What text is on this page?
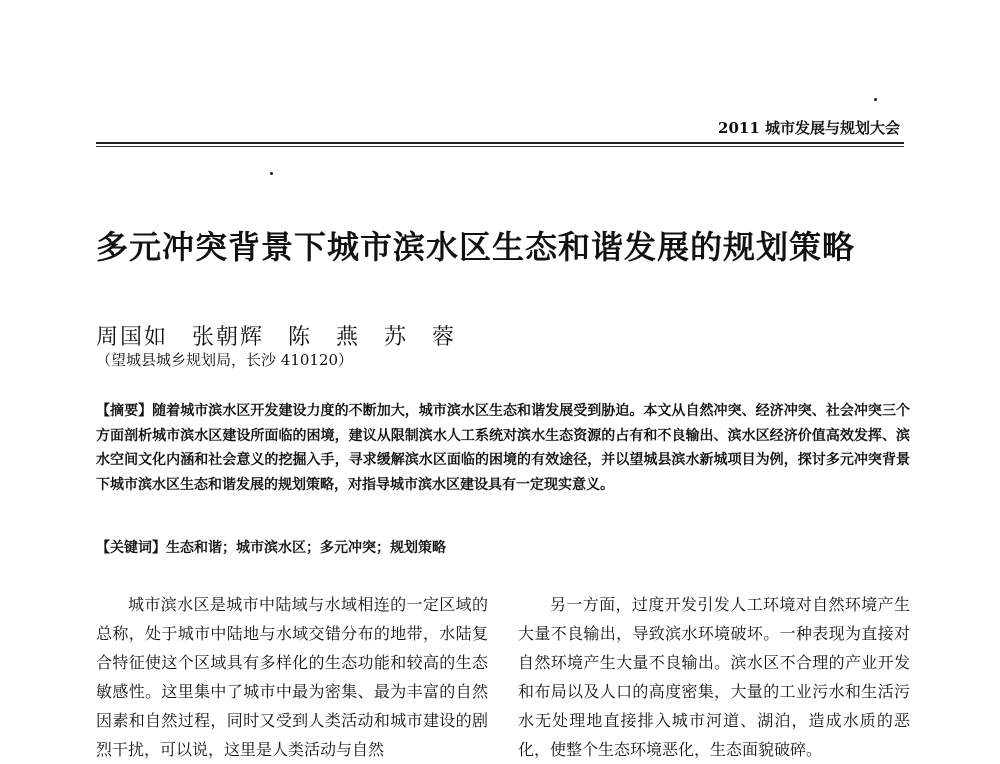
2011 城市发展与规划大会
多元冲突背景下城市滨水区生态和谐发展的规划策略
周国如　张朝辉　陈　燕　苏　蓉
（望城县城乡规划局，长沙 410120）
【摘要】随着城市滨水区开发建设力度的不断加大，城市滨水区生态和谐发展受到胁迫。本文从自然冲突、经济冲突、社会冲突三个方面剖析城市滨水区建设所面临的困境，建议从限制滨水人工系统对滨水生态资源的占有和不良输出、滨水区经济价值高效发挥、滨水空间文化内涵和社会意义的挖掘入手，寻求缓解滨水区面临的困境的有效途径，并以望城县滨水新城项目为例，探讨多元冲突背景下城市滨水区生态和谐发展的规划策略，对指导城市滨水区建设具有一定现实意义。
【关键词】生态和谐；城市滨水区；多元冲突；规划策略
城市滨水区是城市中陆域与水域相连的一定区域的总称，处于城市中陆地与水域交错分布的地带，水陆复合特征使这个区域具有多样化的生态功能和较高的生态敏感性。这里集中了城市中最为密集、最为丰富的自然因素和自然过程，同时又受到人类活动和城市建设的剧烈干扰，可以说，这里是人类活动与自然
另一方面，过度开发引发人工环境对自然环境产生大量不良输出，导致滨水环境破坏。一种表现为直接对自然环境产生大量不良输出。滨水区不合理的产业开发和布局以及人口的高度密集，大量的工业污水和生活污水无处理地直接排入城市河道、湖泊，造成水质的恶化，使整个生态环境恶化，生态面貌破碎。
